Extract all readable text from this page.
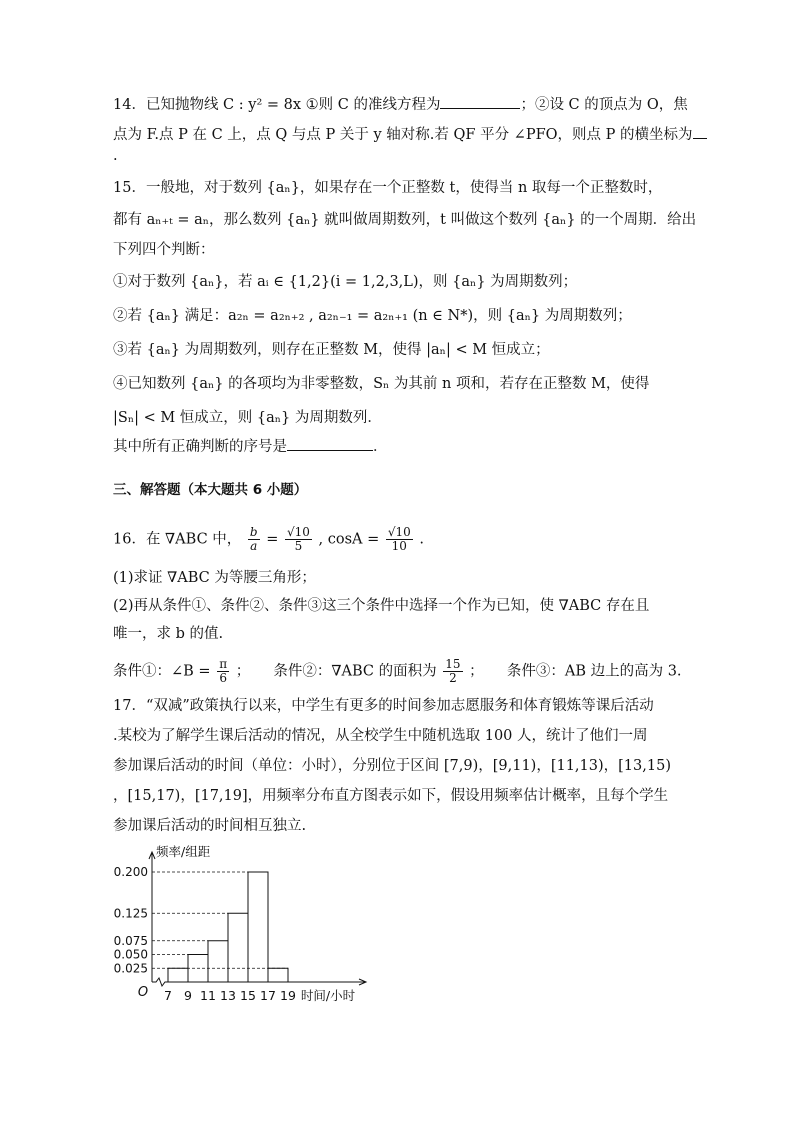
14．已知抛物线 C : y² = 8x ①则 C 的准线方程为	；②设 C 的顶点为 O，焦
点为 F.点 P 在 C 上，点 Q 与点 P 关于 y 轴对称.若 QF 平分 ∠PFO，则点 P 的横坐标为
.
15．一般地，对于数列 {aₙ}，如果存在一个正整数 t，使得当 n 取每一个正整数时，
都有 aₙ₊ₜ = aₙ，那么数列 {aₙ} 就叫做周期数列，t 叫做这个数列 {aₙ} 的一个周期．给出
下列四个判断：
①对于数列 {aₙ}，若 aᵢ ∈ {1,2}(i = 1,2,3,L)，则 {aₙ} 为周期数列；
②若 {aₙ} 满足：a₂ₙ = a₂ₙ₊₂ , a₂ₙ₋₁ = a₂ₙ₊₁ (n ∈ N*)，则 {aₙ} 为周期数列；
③若 {aₙ} 为周期数列，则存在正整数 M，使得 |aₙ| < M 恒成立；
④已知数列 {aₙ} 的各项均为非零整数，Sₙ 为其前 n 项和，若存在正整数 M，使得
|Sₙ| < M 恒成立，则 {aₙ} 为周期数列．
其中所有正确判断的序号是	．
三、解答题（本大题共 6 小题）
16．在 ∇ABC 中， $\frac{b}{a} = \frac{√10}{5}$ , $\cos A = \frac{√10}{10}$ .
(1)求证 ∇ABC 为等腰三角形；
(2)再从条件①、条件②、条件③这三个条件中选择一个作为已知，使 ∇ABC 存在且
唯一，求 b 的值.
条件①：∠B = $\frac{\pi}{6}$ ； 条件②：∇ABC 的面积为 $\frac{15}{2}$ ； 条件③：AB 边上的高为 3.
17．“双减”政策执行以来，中学生有更多的时间参加志愿服务和体育锻炼等课后活动
.某校为了解学生课后活动的情况，从全校学生中随机选取 100 人，统计了他们一周
参加课后活动的时间（单位：小时），分别位于区间 [7,9)，[9,11)，[11,13)，[13,15)
，[15,17)，[17,19]，用频率分布直方图表示如下，假设用频率估计概率，且每个学生
参加课后活动的时间相互独立.
频率/组距
时间/小时
O
0.025
0.050
0.075
0.125
0.200
7 9 11 13 15 17 19
